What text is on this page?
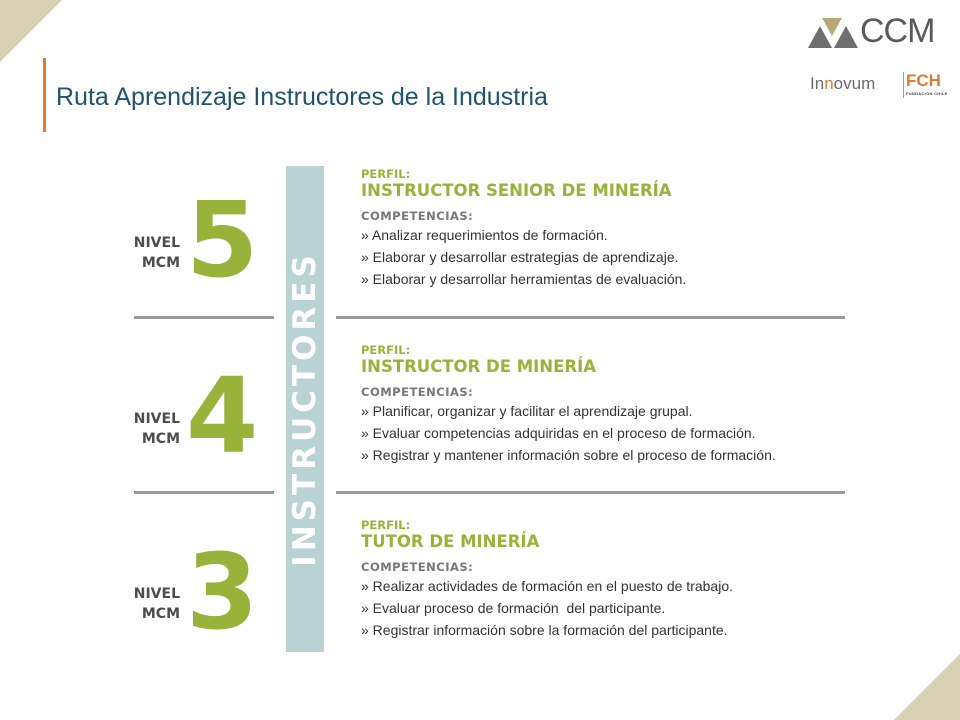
Ruta Aprendizaje Instructores de la Industria
CCM
Innovum FCH
FUNDACIÓN CHILE
INSTRUCTORES
NIVEL
MCM 5
PERFIL:
INSTRUCTOR SENIOR DE MINERÍA
COMPETENCIAS:
» Analizar requerimientos de formación.
» Elaborar y desarrollar estrategias de aprendizaje.
» Elaborar y desarrollar herramientas de evaluación.
NIVEL
MCM 4
PERFIL:
INSTRUCTOR DE MINERÍA
COMPETENCIAS:
» Planificar, organizar y facilitar el aprendizaje grupal.
» Evaluar competencias adquiridas en el proceso de formación.
» Registrar y mantener información sobre el proceso de formación.
NIVEL
MCM 3
PERFIL:
TUTOR DE MINERÍA
COMPETENCIAS:
» Realizar actividades de formación en el puesto de trabajo.
» Evaluar proceso de formación  del participante.
» Registrar información sobre la formación del participante.
